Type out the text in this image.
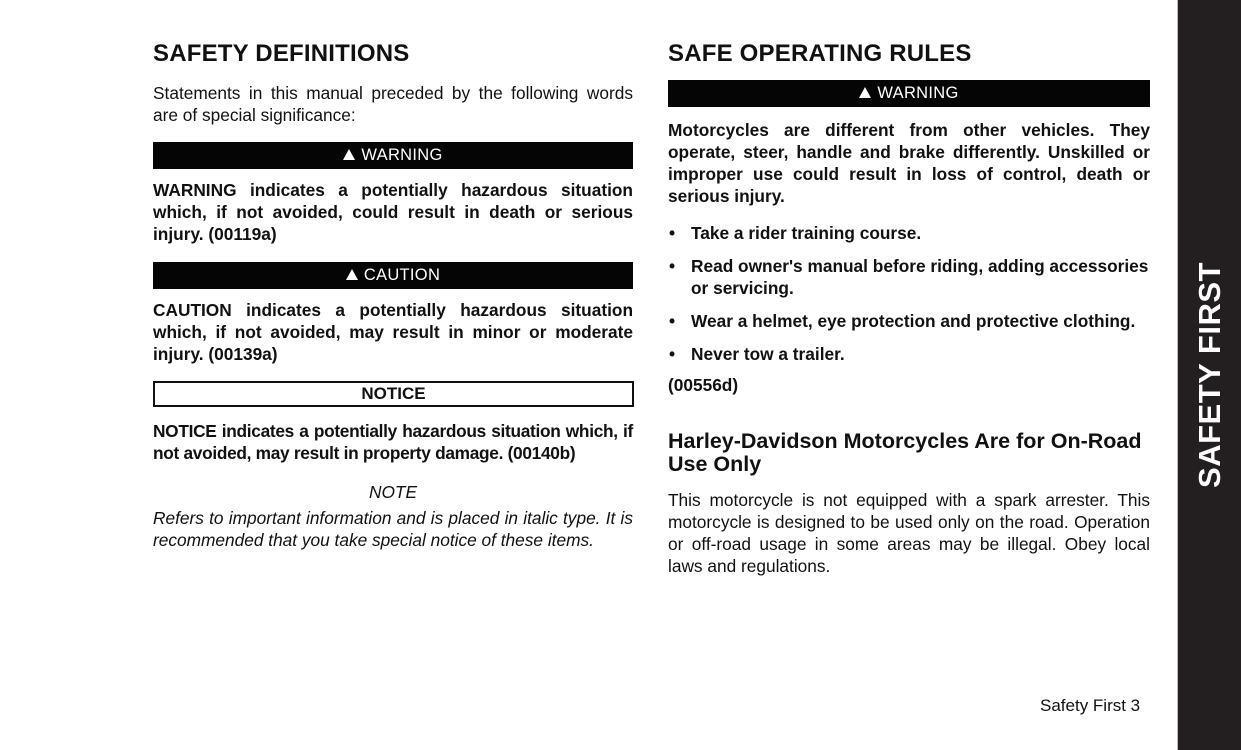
SAFETY DEFINITIONS

Statements in this manual preceded by the following words are of special significance:

WARNING

WARNING indicates a potentially hazardous situation which, if not avoided, could result in death or serious injury. (00119a)

CAUTION

CAUTION indicates a potentially hazardous situation which, if not avoided, may result in minor or moderate injury. (00139a)

NOTICE

NOTICE indicates a potentially hazardous situation which, if not avoided, may result in property damage. (00140b)

NOTE

Refers to important information and is placed in italic type. It is recommended that you take special notice of these items.

SAFE OPERATING RULES
WARNING

Motorcycles are different from other vehicles. They operate, steer, handle and brake differently. Unskilled or improper use could result in loss of control, death or serious injury.

• Take a rider training course.
• Read owner's manual before riding, adding accessories or servicing.
• Wear a helmet, eye protection and protective clothing.
• Never tow a trailer.

(00556d)

Harley-Davidson Motorcycles Are for On-Road Use Only

This motorcycle is not equipped with a spark arrester. This motorcycle is designed to be used only on the road. Operation or off-road usage in some areas may be illegal. Obey local laws and regulations.

Safety First 3
SAFETY FIRST
